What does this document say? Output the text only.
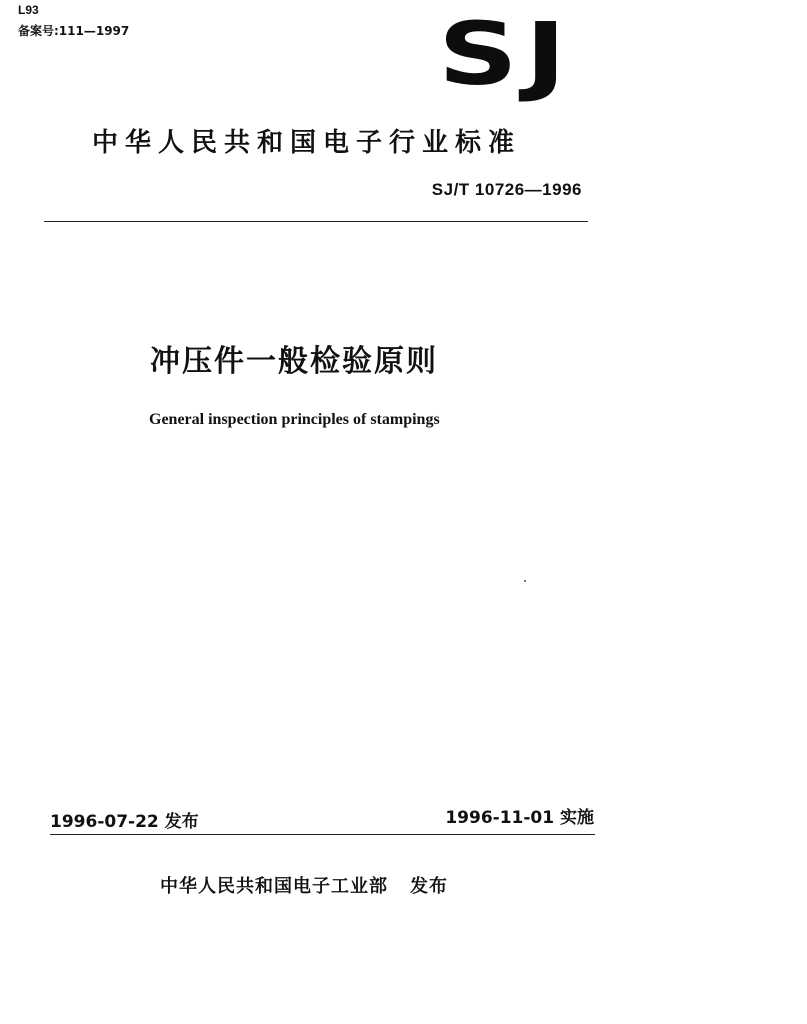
L93
备案号:111—1997	SJ
中华人民共和国电子行业标准
SJ/T 10726—1996
冲压件一般检验原则
General inspection principles of stampings
1996-07-22 发布	1996-11-01 实施
中华人民共和国电子工业部 发布
